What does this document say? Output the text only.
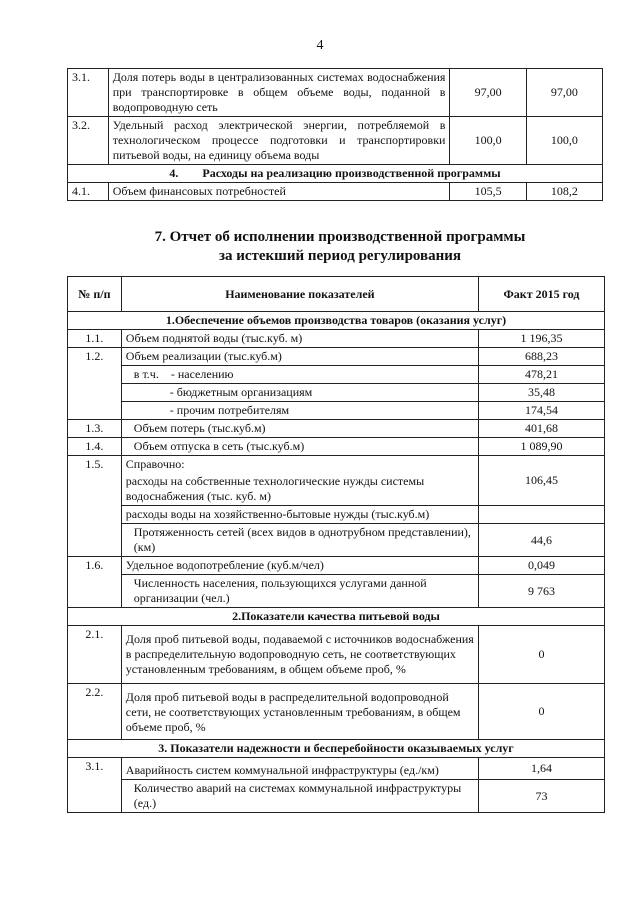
4
3.1.	Доля потерь воды в централизованных системах водоснабжения при транспортировке в общем объеме воды, поданной в водопроводную сеть	97,00	97,00
3.2.	Удельный расход электрической энергии, потребляемой в технологическом процессе подготовки и транспортировки питьевой воды, на единицу объема воды	100,0	100,0
4.        Расходы на реализацию производственной программы			
4.1.	Объем финансовых потребностей	105,5	108,2
7. Отчет об исполнении производственной программы
за истекший период регулирования
№ п/п	Наименование показателей	Факт 2015 год
1.Обеспечение объемов производства товаров (оказания услуг)		
1.1.	Объем поднятой воды (тыс.куб. м)	1 196,35
1.2.	Объем реализации (тыс.куб.м)	688,23
	в т.ч.    - населению	478,21
	- бюджетным организациям	35,48
	- прочим потребителям	174,54
1.3.	Объем потерь (тыс.куб.м)	401,68
1.4.	Объем отпуска в сеть (тыс.куб.м)	1 089,90
1.5.	Справочно:	106,45
	расходы на собственные технологические нужды системы водоснабжения (тыс. куб. м)	
	расходы воды на хозяйственно-бытовые нужды (тыс.куб.м)	
	Протяженность сетей (всех видов в однотрубном представлении), (км)	44,6
1.6.	Удельное водопотребление (куб.м/чел)	0,049
	Численность населения, пользующихся услугами данной организации (чел.)	9 763
2.Показатели качества питьевой воды		
2.1.	Доля проб питьевой воды, подаваемой с источников водоснабжения в распределительную водопроводную сеть, не соответствующих установленным требованиям, в общем объеме проб, %	0
2.2.	Доля проб питьевой воды в распределительной водопроводной сети, не соответствующих установленным требованиям, в общем объеме проб, %	0
3. Показатели надежности и бесперебойности оказываемых услуг		
3.1.	Аварийность систем коммунальной инфраструктуры (ед./км)	1,64
	Количество аварий на системах коммунальной инфраструктуры (ед.)	73
